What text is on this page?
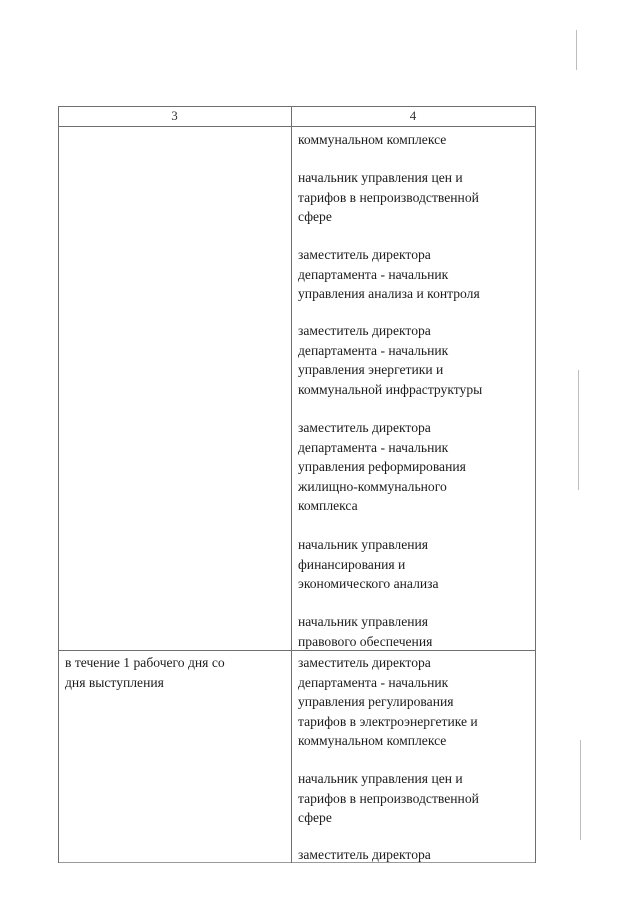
3	4
коммунальном комплексе
начальник управления цен и
тарифов в непроизводственной
сфере
заместитель директора
департамента - начальник
управления анализа и контроля
заместитель директора
департамента - начальник
управления энергетики и
коммунальной инфраструктуры
заместитель директора
департамента - начальник
управления реформирования
жилищно-коммунального
комплекса
начальник управления
финансирования и
экономического анализа
начальник управления
правового обеспечения
в течение 1 рабочего дня со
дня выступления
заместитель директора
департамента - начальник
управления регулирования
тарифов в электроэнергетике и
коммунальном комплексе
начальник управления цен и
тарифов в непроизводственной
сфере
заместитель директора
